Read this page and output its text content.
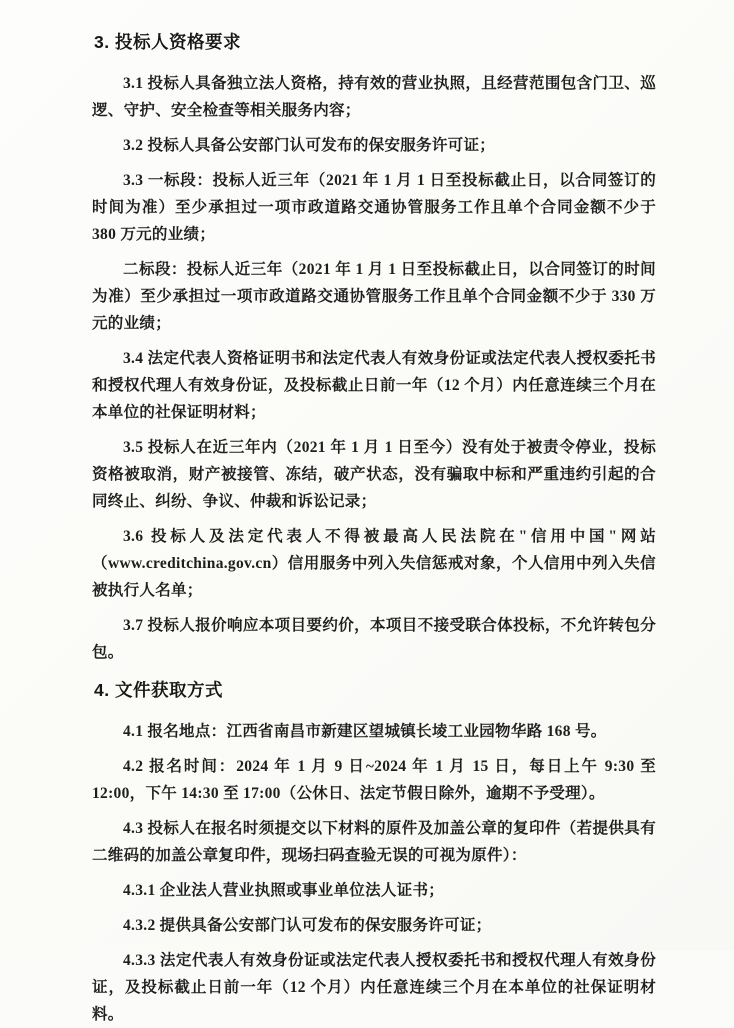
3. 投标人资格要求

3.1 投标人具备独立法人资格，持有效的营业执照，且经营范围包含门卫、巡逻、守护、安全检查等相关服务内容；

3.2 投标人具备公安部门认可发布的保安服务许可证；

3.3 一标段：投标人近三年（2021 年 1 月 1 日至投标截止日，以合同签订的时间为准）至少承担过一项市政道路交通协管服务工作且单个合同金额不少于 380 万元的业绩；

二标段：投标人近三年（2021 年 1 月 1 日至投标截止日，以合同签订的时间为准）至少承担过一项市政道路交通协管服务工作且单个合同金额不少于 330 万元的业绩；

3.4 法定代表人资格证明书和法定代表人有效身份证或法定代表人授权委托书和授权代理人有效身份证，及投标截止日前一年（12 个月）内任意连续三个月在本单位的社保证明材料；

3.5 投标人在近三年内（2021 年 1 月 1 日至今）没有处于被责令停业，投标资格被取消，财产被接管、冻结，破产状态，没有骗取中标和严重违约引起的合同终止、纠纷、争议、仲裁和诉讼记录；

3.6 投标人及法定代表人不得被最高人民法院在"信用中国"网站（www.creditchina.gov.cn）信用服务中列入失信惩戒对象，个人信用中列入失信被执行人名单；

3.7 投标人报价响应本项目要约价，本项目不接受联合体投标，不允许转包分包。

4. 文件获取方式

4.1 报名地点：江西省南昌市新建区望城镇长堎工业园物华路 168 号。

4.2 报名时间：2024 年 1 月 9 日~2024 年 1 月 15 日，每日上午 9:30 至 12:00，下午 14:30 至 17:00（公休日、法定节假日除外，逾期不予受理）。

4.3 投标人在报名时须提交以下材料的原件及加盖公章的复印件（若提供具有二维码的加盖公章复印件，现场扫码查验无误的可视为原件）：

4.3.1 企业法人营业执照或事业单位法人证书；

4.3.2 提供具备公安部门认可发布的保安服务许可证；

4.3.3 法定代表人有效身份证或法定代表人授权委托书和授权代理人有效身份证，及投标截止日前一年（12 个月）内任意连续三个月在本单位的社保证明材料。
